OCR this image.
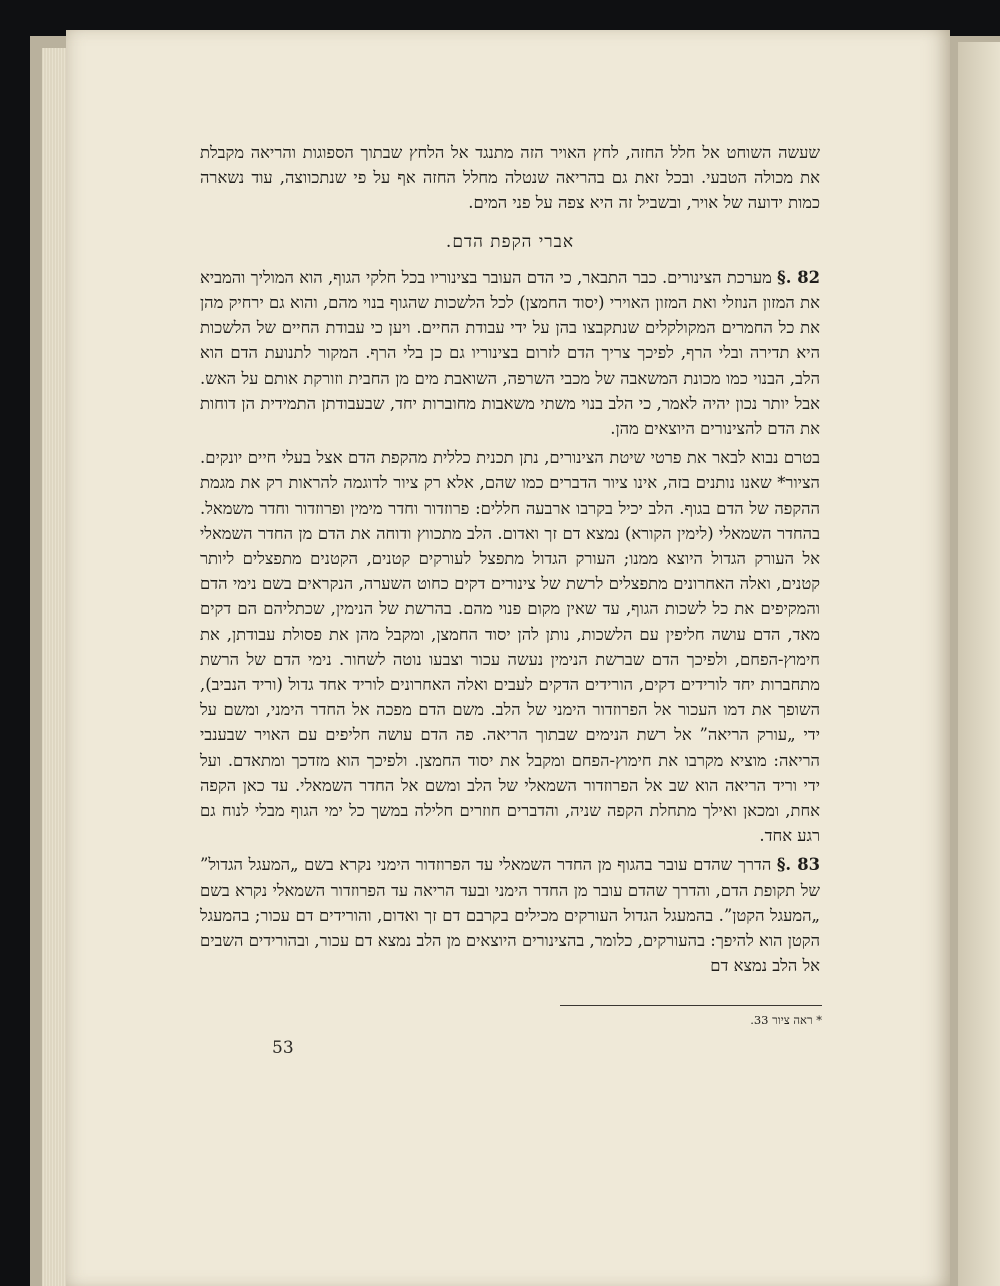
שעשה השוחט אל חלל החזה, לחץ האויר הזה מתנגד אל הלחץ שבתוך הספוגות והריאה מקבלת את מכולה הטבעי. ובכל זאת גם בהריאה שנטלה מחלל החזה אף על פי שנתכווצה, עוד נשארה כמות ידועה של אויר, ובשביל זה היא צפה על פני המים.

אברי הקפת הדם.

82 .§ מערכת הצינורים. כבר התבאר, כי הדם העובר בצינוריו בכל חלקי הגוף, הוא המוליך והמביא את המזון הנוזלי ואת המזון האוירי (יסוד החמצן) לכל הלשכות שהגוף בנוי מהם, והוא גם ירחיק מהן את כל החמרים המקולקלים שנתקבצו בהן על ידי עבודת החיים. ויען כי עבודת החיים של הלשכות היא תדירה ובלי הרף, לפיכך צריך הדם לזרום בצינוריו גם כן בלי הרף. המקור לתנועת הדם הוא הלב, הבנוי כמו מכונת המשאבה של מכבי השרפה, השואבת מים מן החבית וזורקת אותם על האש. אבל יותר נכון יהיה לאמר, כי הלב בנוי משתי משאבות מחוברות יחד, שבעבודתן התמידית הן דוחות את הדם להצינורים היוצאים מהן.

בטרם נבוא לבאר את פרטי שיטת הצינורים, נתן תכנית כללית מהקפת הדם אצל בעלי חיים יונקים. הציור* שאנו נותנים בזה, אינו ציור הדברים כמו שהם, אלא רק ציור לדוגמה להראות רק את מגמת ההקפה של הדם בגוף. הלב יכיל בקרבו ארבעה חללים: פרוזדור וחדר מימין ופרוזדור וחדר משמאל. בהחדר השמאלי (לימין הקורא) נמצא דם זך ואדום. הלב מתכווץ ודוחה את הדם מן החדר השמאלי אל העורק הגדול היוצא ממנו; העורק הגדול מתפצל לעורקים קטנים, הקטנים מתפצלים ליותר קטנים, ואלה האחרונים מתפצלים לרשת של צינורים דקים כחוט השערה, הנקראים בשם נימי הדם והמקיפים את כל לשכות הגוף, עד שאין מקום פנוי מהם. בהרשת של הנימין, שכתליהם הם דקים מאד, הדם עושה חליפין עם הלשכות, נותן להן יסוד החמצן, ומקבל מהן את פסולת עבודתן, את חימוץ-הפחם, ולפיכך הדם שברשת הנימין נעשה עכור וצבעו נוטה לשחור. נימי הדם של הרשת מתחברות יחד לורידים דקים, הורידים הדקים לעבים ואלה האחרונים לוריד אחד גדול (וריד הנביב), השופך את דמו העכור אל הפרוזדור הימני של הלב. משם הדם מפכה אל החדר הימני, ומשם על ידי „עורק הריאה” אל רשת הנימים שבתוך הריאה. פה הדם עושה חליפים עם האויר שבענבי הריאה: מוציא מקרבו את חימוץ-הפחם ומקבל את יסוד החמצן. ולפיכך הוא מזדכך ומתאדם. ועל ידי וריד הריאה הוא שב אל הפרוזדור השמאלי של הלב ומשם אל החדר השמאלי. עד כאן הקפה אחת, ומכאן ואילך מתחלת הקפה שניה, והדברים חוזרים חלילה במשך כל ימי הגוף מבלי לנוח גם רגע אחד.

83 .§ הדרך שהדם עובר בהגוף מן החדר השמאלי עד הפרוזדור הימני נקרא בשם „המעגל הגדול” של תקופת הדם, והדרך שהדם עובר מן החדר הימני ובעד הריאה עד הפרוזדור השמאלי נקרא בשם „המעגל הקטן”. בהמעגל הגדול העורקים מכילים בקרבם דם זך ואדום, והורידים דם עכור; בהמעגל הקטן הוא להיפך: בהעורקים, כלומר, בהצינורים היוצאים מן הלב נמצא דם עכור, ובהורידים השבים אל הלב נמצא דם

* ראה ציור 33.
53
